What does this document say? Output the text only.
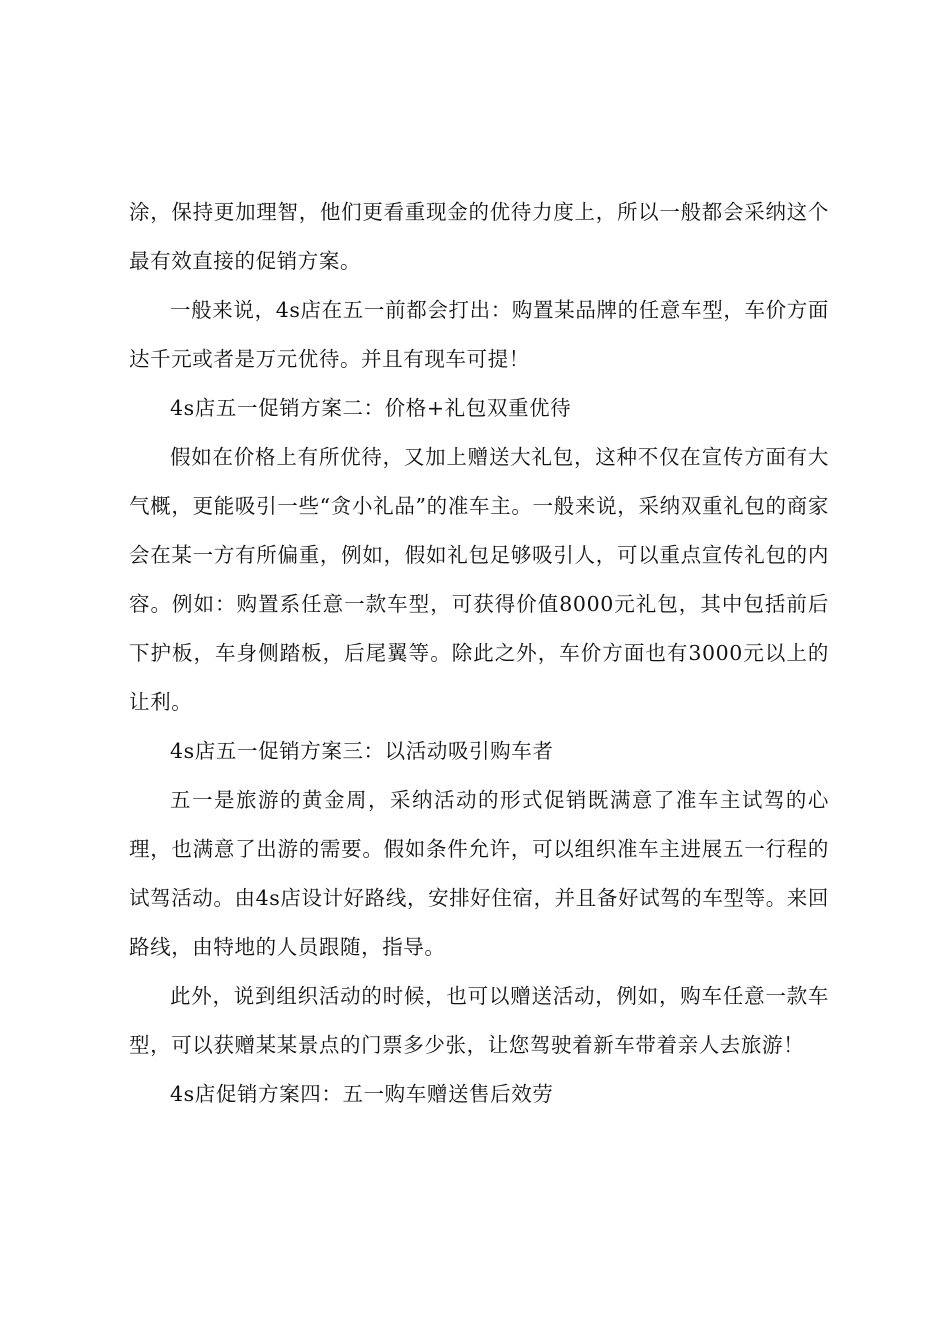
涂，保持更加理智，他们更看重现金的优待力度上，所以一般都会采纳这个最有效直接的促销方案。

一般来说，4s店在五一前都会打出：购置某品牌的任意车型，车价方面达千元或者是万元优待。并且有现车可提！

4s店五一促销方案二：价格+礼包双重优待

假如在价格上有所优待，又加上赠送大礼包，这种不仅在宣传方面有大气概，更能吸引一些“贪小礼品”的准车主。一般来说，采纳双重礼包的商家会在某一方有所偏重，例如，假如礼包足够吸引人，可以重点宣传礼包的内容。例如：购置系任意一款车型，可获得价值8000元礼包，其中包括前后下护板，车身侧踏板，后尾翼等。除此之外，车价方面也有3000元以上的让利。

4s店五一促销方案三：以活动吸引购车者

五一是旅游的黄金周，采纳活动的形式促销既满意了准车主试驾的心理，也满意了出游的需要。假如条件允许，可以组织准车主进展五一行程的试驾活动。由4s店设计好路线，安排好住宿，并且备好试驾的车型等。来回路线，由特地的人员跟随，指导。

此外，说到组织活动的时候，也可以赠送活动，例如，购车任意一款车型，可以获赠某某景点的门票多少张，让您驾驶着新车带着亲人去旅游！

4s店促销方案四：五一购车赠送售后效劳
